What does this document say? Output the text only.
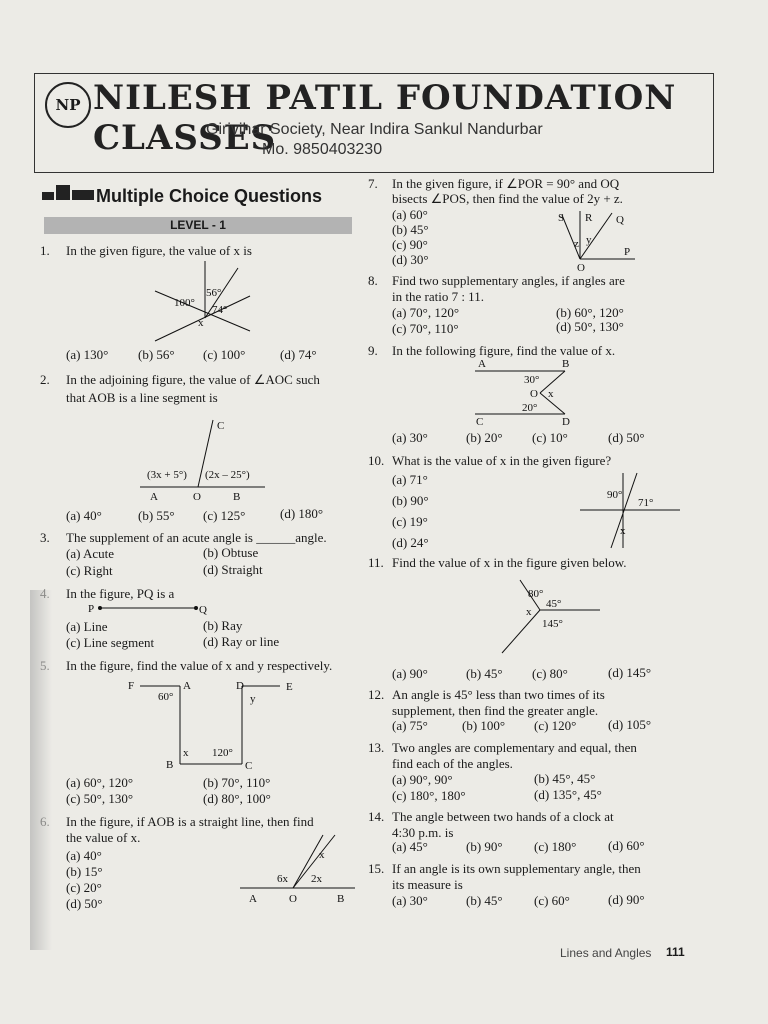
NP NILESH PATIL FOUNDATION CLASSES
Girivihar Society, Near Indira Sankul Nandurbar
Mo. 9850403230
Multiple Choice Questions
LEVEL - 1
1. In the given figure, the value of x is
100°
56°
74°
x
(a) 130° (b) 56° (c) 100°	(d) 74°
2. In the adjoining figure, the value of ∠AOC such
that AOB is a line segment is
C
(3x + 5°) (2x – 25°)
A	O	B
(a) 40°	(b) 55° (c) 125°	(d) 180°
3. The supplement of an acute angle is ______angle.
(a) Acute	(b) Obtuse
(c) Right	(d) Straight
In the figure, PQ is a
P	Q
(a) Line	(b) Ray
(c) Line segment	(d) Ray or line
In the figure, find the value of x and y respectively.
F	A	D	E
60°	y
x 120°
B	C
(a) 60°, 120°	(b) 70°, 110°
(c) 50°, 130°	(d) 80°, 100°
In the figure, if AOB is a straight line, then find
the value of x.
(a) 40°
(b) 15°
(c) 20°
(d) 50°
6x 2x
x
A	O	B
7. In the given figure, if ∠POR = 90° and OQ
bisects ∠POS, then find the value of 2y + z.
(a) 60°
(b) 45°
(c) 90°
(d) 30°
S R Q
z y
P
O
8. Find two supplementary angles, if angles are
in the ratio 7 : 11.
(a) 70°, 120°	(b) 60°, 120°
(c) 70°, 110°	(d) 50°, 130°
9. In the following figure, find the value of x.
A	B
30°
O x
20°
C	D
(a) 30°	(b) 20° (c) 10°	(d) 50°
10. What is the value of x in the given figure?
(a) 71°
(b) 90°
(c) 19°
(d) 24°
90°
71°
x
11. Find the value of x in the figure given below.
80°
45°
x
145°
(a) 90°	(b) 45° (c) 80°	(d) 145°
12. An angle is 45° less than two times of its
supplement, then find the greater angle.
(a) 75°	(b) 100° (c) 120° (d) 105°
13. Two angles are complementary and equal, then
find each of the angles.
(a) 90°, 90°	(b) 45°, 45°
(c) 180°, 180°	(d) 135°, 45°
14. The angle between two hands of a clock at
4:30 p.m. is
(a) 45°	(b) 90° (c) 180° (d) 60°
15. If an angle is its own supplementary angle, then
its measure is
(a) 30°	(b) 45° (c) 60°	(d) 90°
Lines and Angles 111
